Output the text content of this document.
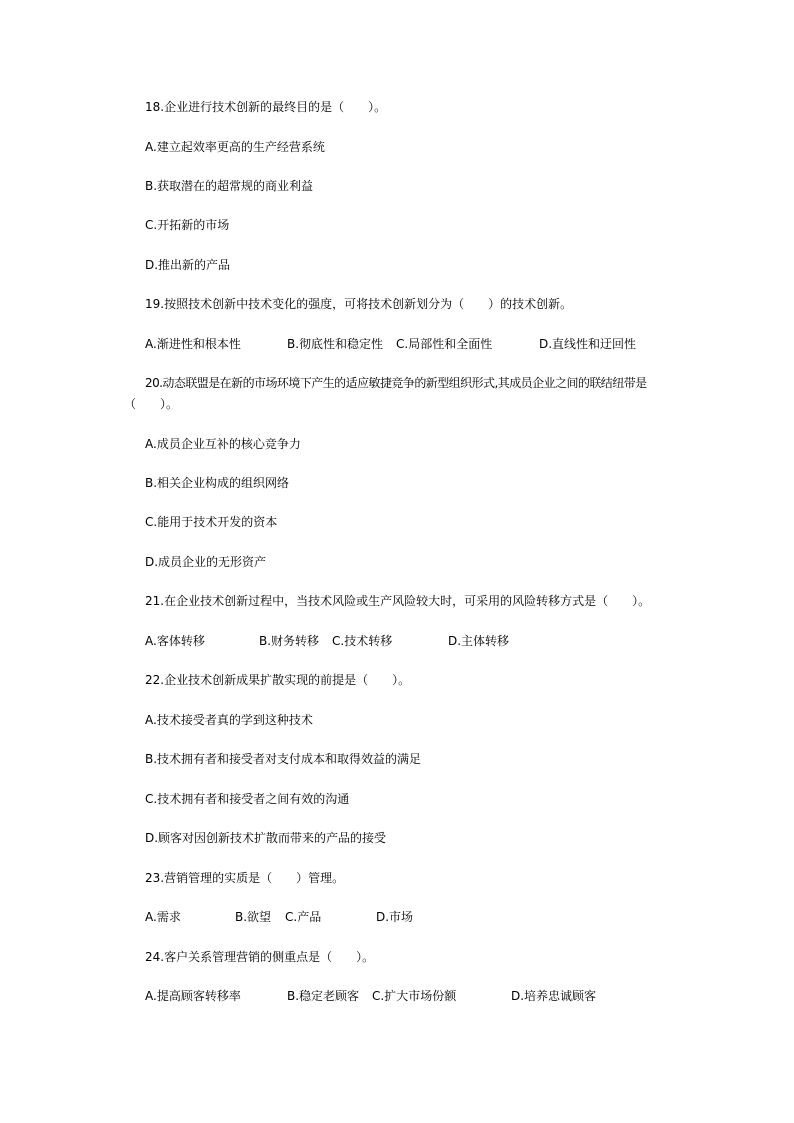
18.企业进行技术创新的最终目的是（　　）。
A.建立起效率更高的生产经营系统
B.获取潜在的超常规的商业利益
C.开拓新的市场
D.推出新的产品
19.按照技术创新中技术变化的强度，可将技术创新划分为（　　）的技术创新。
A.渐进性和根本性	B.彻底性和稳定性 C.局部性和全面性	D.直线性和迂回性
20.动态联盟是在新的市场环境下产生的适应敏捷竞争的新型组织形式,其成员企业之间的联结纽带是
（　　）。
A.成员企业互补的核心竞争力
B.相关企业构成的组织网络
C.能用于技术开发的资本
D.成员企业的无形资产
21.在企业技术创新过程中，当技术风险或生产风险较大时，可采用的风险转移方式是（　　）。
A.客体转移	B.财务转移 C.技术转移	D.主体转移
22.企业技术创新成果扩散实现的前提是（　　）。
A.技术接受者真的学到这种技术
B.技术拥有者和接受者对支付成本和取得效益的满足
C.技术拥有者和接受者之间有效的沟通
D.顾客对因创新技术扩散而带来的产品的接受
23.营销管理的实质是（　　）管理。
A.需求	B.欲望 C.产品	D.市场
24.客户关系管理营销的侧重点是（　　）。
A.提高顾客转移率	B.稳定老顾客 C.扩大市场份额	D.培养忠诚顾客
